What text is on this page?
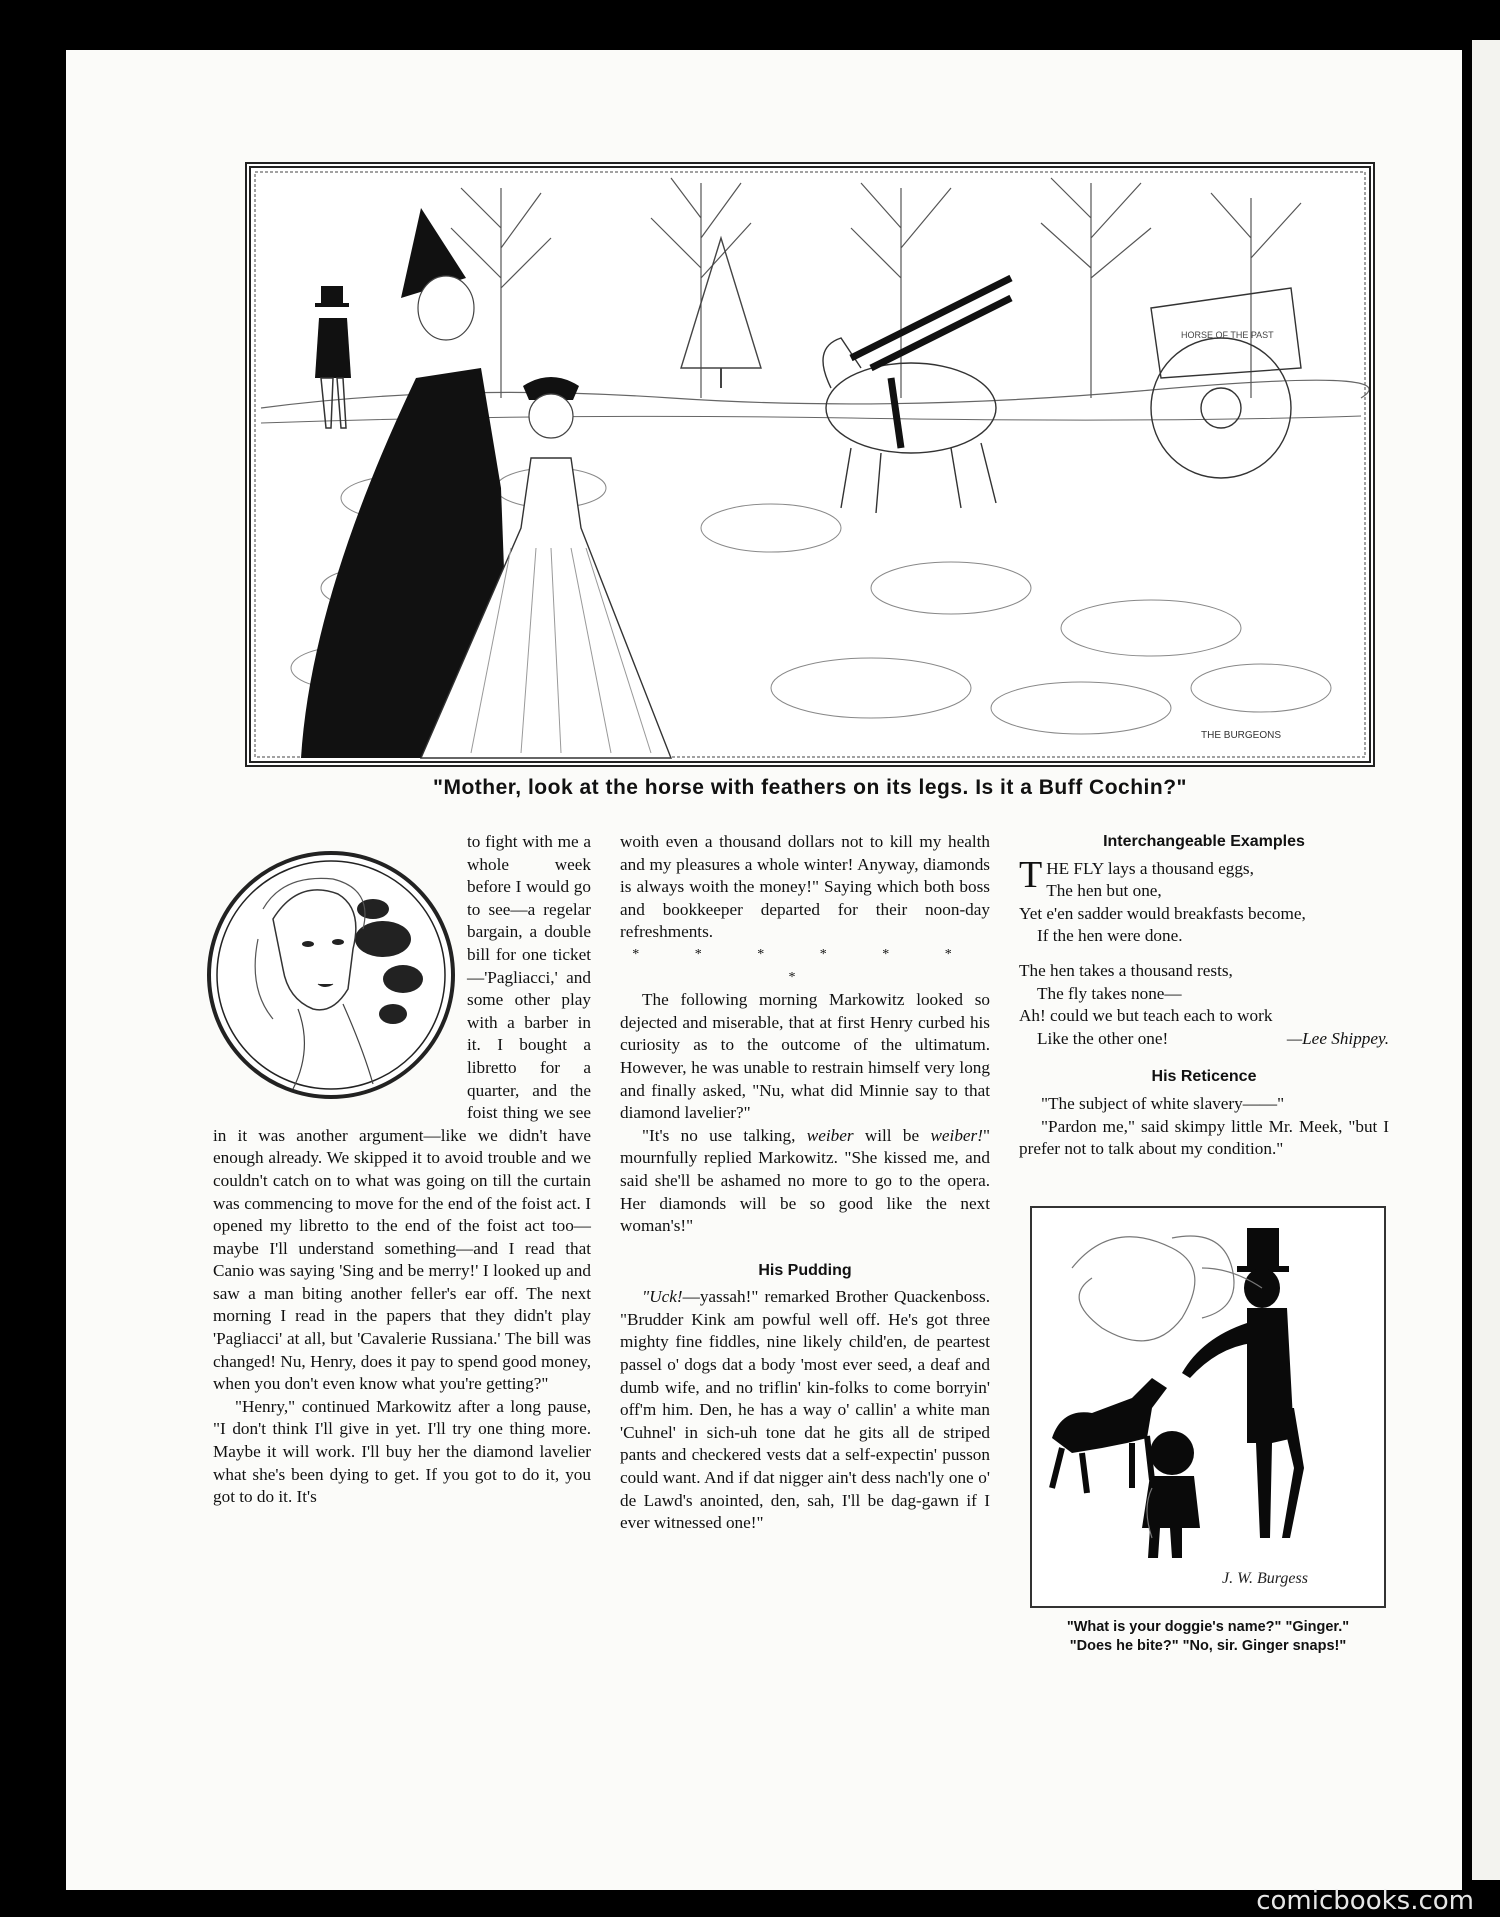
HORSE OF THE PAST
THE BURGEONS
"Mother, look at the horse with feathers on its legs. Is it a Buff Cochin?"

to fight with me a whole week before I would go to see—a regelar bargain, a double bill for one ticket—'Pagliacci,' and some other play with a barber in it. I bought a libretto for a quarter, and the foist thing we see in it was another argument—like we didn't have enough already. We skipped it to avoid trouble and we couldn't catch on to what was going on till the curtain was commencing to move for the end of the foist act. I opened my libretto to the end of the foist act too—maybe I'll understand something—and I read that Canio was saying 'Sing and be merry!' I looked up and saw a man biting another feller's ear off. The next morning I read in the papers that they didn't play 'Pagliacci' at all, but 'Cavalerie Russiana.' The bill was changed! Nu, Henry, does it pay to spend good money, when you don't even know what you're getting?"

"Henry," continued Markowitz after a long pause, "I don't think I'll give in yet. I'll try one thing more. Maybe it will work. I'll buy her the diamond lavelier what she's been dying to get. If you got to do it, you got to do it. It's

woith even a thousand dollars not to kill my health and my pleasures a whole winter! Anyway, diamonds is always woith the money!" Saying which both boss and bookkeeper departed for their noon-day refreshments.

* * * * * * *

The following morning Markowitz looked so dejected and miserable, that at first Henry curbed his curiosity as to the outcome of the ultimatum. However, he was unable to restrain himself very long and finally asked, "Nu, what did Minnie say to that diamond lavelier?"

"It's no use talking, weiber will be weiber!" mournfully replied Markowitz. "She kissed me, and said she'll be ashamed no more to go to the opera. Her diamonds will be so good like the next woman's!"

His Pudding

"Uck!—yassah!" remarked Brother Quackenboss. "Brudder Kink am powful well off. He's got three mighty fine fiddles, nine likely child'en, de peartest passel o' dogs dat a body 'most ever seed, a deaf and dumb wife, and no triflin' kin-folks to come borryin' off'm him. Den, he has a way o' callin' a white man 'Cuhnel' in sich-uh tone dat he gits all de striped pants and checkered vests dat a self-expectin' pusson could want. And if dat nigger ain't dess nach'ly one o' de Lawd's anointed, den, sah, I'll be dag-gawn if I ever witnessed one!"

Interchangeable Examples
T HE FLY lays a thousand eggs,
The hen but one,
Yet e'en sadder would breakfasts become,
If the hen were done.
The hen takes a thousand rests,
The fly takes none—
Ah! could we but teach each to work
Like the other one!	—Lee Shippey.
His Reticence

"The subject of white slavery——"

"Pardon me," said skimpy little Mr. Meek, "but I prefer not to talk about my condition."

J. W. Burgess
"What is your doggie's name?" "Ginger."
"Does he bite?" "No, sir. Ginger snaps!"
comicbooks.com
